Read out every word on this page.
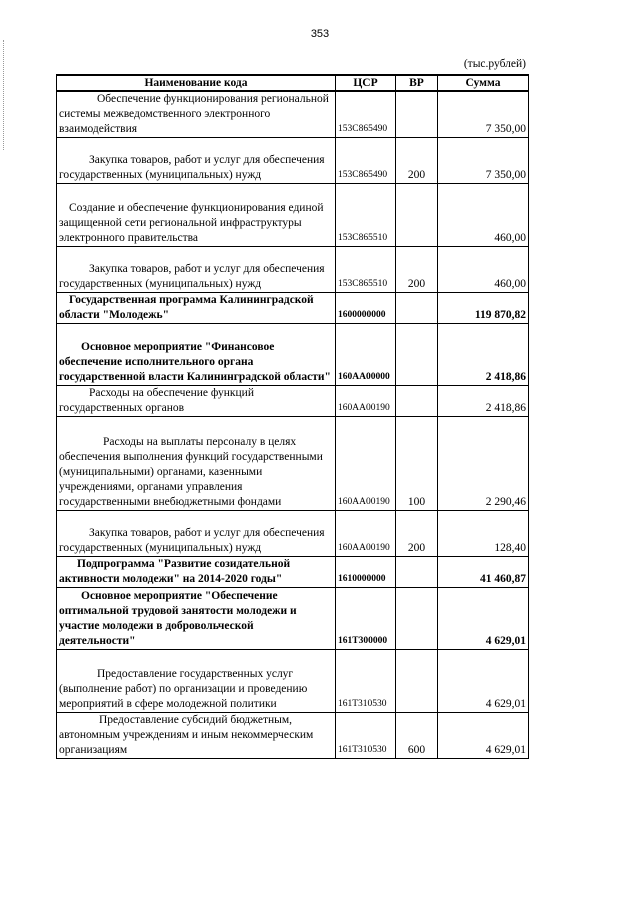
353
(тыс.рублей)
Наименование кода	ЦСР	ВР	Сумма
Обеспечение функционирования региональной системы межведомственного электронного взаимодействия	153С865490		7 350,00
Закупка товаров, работ и услуг для обеспечения государственных (муниципальных) нужд	153С865490	200	7 350,00
Создание и обеспечение функционирования единой защищенной сети региональной инфраструктуры электронного правительства	153С865510		460,00
Закупка товаров, работ и услуг для обеспечения государственных (муниципальных) нужд	153С865510	200	460,00
Государственная программа Калининградской области "Молодежь"	1600000000		119 870,82
Основное мероприятие "Финансовое обеспечение исполнительного органа государственной власти Калининградской области"	160АА00000		2 418,86
Расходы на обеспечение функций государственных органов	160АА00190		2 418,86
Расходы на выплаты персоналу в целях обеспечения выполнения функций государственными (муниципальными) органами, казенными учреждениями, органами управления государственными внебюджетными фондами	160АА00190	100	2 290,46
Закупка товаров, работ и услуг для обеспечения государственных (муниципальных) нужд	160АА00190	200	128,40
Подпрограмма "Развитие созидательной активности молодежи" на 2014-2020 годы"	1610000000		41 460,87
Основное мероприятие "Обеспечение оптимальной трудовой занятости молодежи и участие молодежи в добровольческой деятельности"	161Т300000		4 629,01
Предоставление государственных услуг (выполнение работ) по организации и проведению мероприятий в сфере молодежной политики	161Т310530		4 629,01
Предоставление субсидий бюджетным, автономным учреждениям и иным некоммерческим организациям	161Т310530	600	4 629,01
